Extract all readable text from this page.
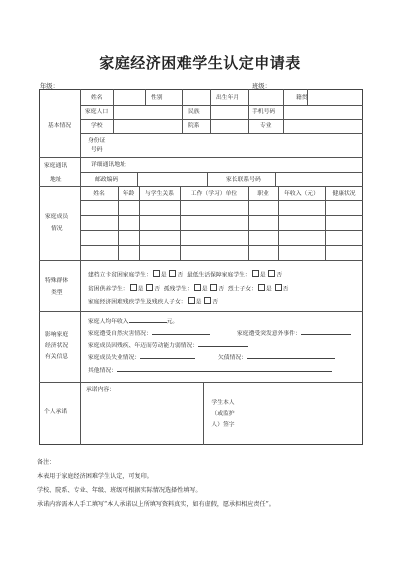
家庭经济困难学生认定申请表
年级：	班级：
基本情况
姓名	性别	出生年月	籍贯
家庭人口	民族	手机号码
学校	院系	专业
身份证
号码
家庭通讯
地址
详细通讯地址
邮政编码	家长联系号码
家庭成员
情况
姓名	年龄	与学生关系	工作（学习）单位	职业	年收入（元）	健康状况
特殊群体
类型
建档立卡贫困家庭学生： 是 否 最低生活保障家庭学生： 是 否
贫困供养学生： 是 否 孤残学生： 是 否 烈士子女： 是 否
家庭经济困难残疾学生及残疾人子女： 是 否
影响家庭
经济状况
有关信息
家庭人均年收入	元。
家庭遭受自然灾害情况：	家庭遭受突发意外事件：
家庭成员因残疾、年迈而劳动能力弱情况：
家庭成员失业情况：	欠债情况：
其他情况：
个人承诺
承诺内容：
学生本人
（或监护
人）签字
备注：
本表用于家庭经济困难学生认定，可复印。
学校、院系、专业、年级、班级可根据实际情况选择性填写。
承诺内容需本人手工填写“本人承诺以上所填写资料真实，如有虚假，愿承担相应责任”。
